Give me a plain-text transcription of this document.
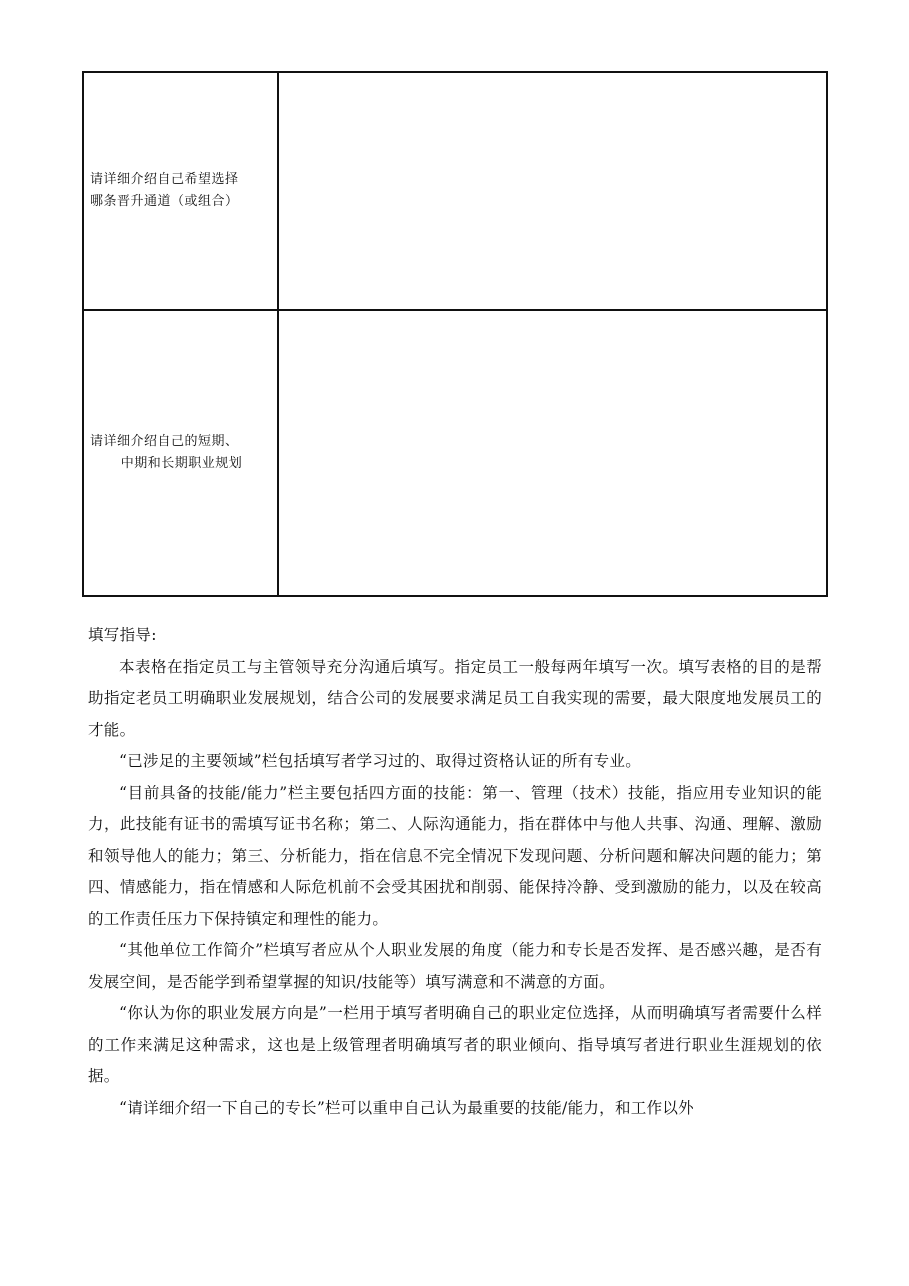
请详细介绍自己希望选择
哪条晋升通道（或组合）	

请详细介绍自己的短期、
中期和长期职业规划	

填写指导:

本表格在指定员工与主管领导充分沟通后填写。指定员工一般每两年填写一次。填写表格的目的是帮助指定老员工明确职业发展规划，结合公司的发展要求满足员工自我实现的需要，最大限度地发展员工的才能。

“已涉足的主要领域”栏包括填写者学习过的、取得过资格认证的所有专业。

“目前具备的技能/能力”栏主要包括四方面的技能：第一、管理（技术）技能，指应用专业知识的能力，此技能有证书的需填写证书名称；第二、人际沟通能力，指在群体中与他人共事、沟通、理解、激励和领导他人的能力；第三、分析能力，指在信息不完全情况下发现问题、分析问题和解决问题的能力；第四、情感能力，指在情感和人际危机前不会受其困扰和削弱、能保持冷静、受到激励的能力，以及在较高的工作责任压力下保持镇定和理性的能力。

“其他单位工作简介”栏填写者应从个人职业发展的角度（能力和专长是否发挥、是否感兴趣，是否有发展空间，是否能学到希望掌握的知识/技能等）填写满意和不满意的方面。

“你认为你的职业发展方向是”一栏用于填写者明确自己的职业定位选择，从而明确填写者需要什么样的工作来满足这种需求，这也是上级管理者明确填写者的职业倾向、指导填写者进行职业生涯规划的依据。

“请详细介绍一下自己的专长”栏可以重申自己认为最重要的技能/能力，和工作以外
